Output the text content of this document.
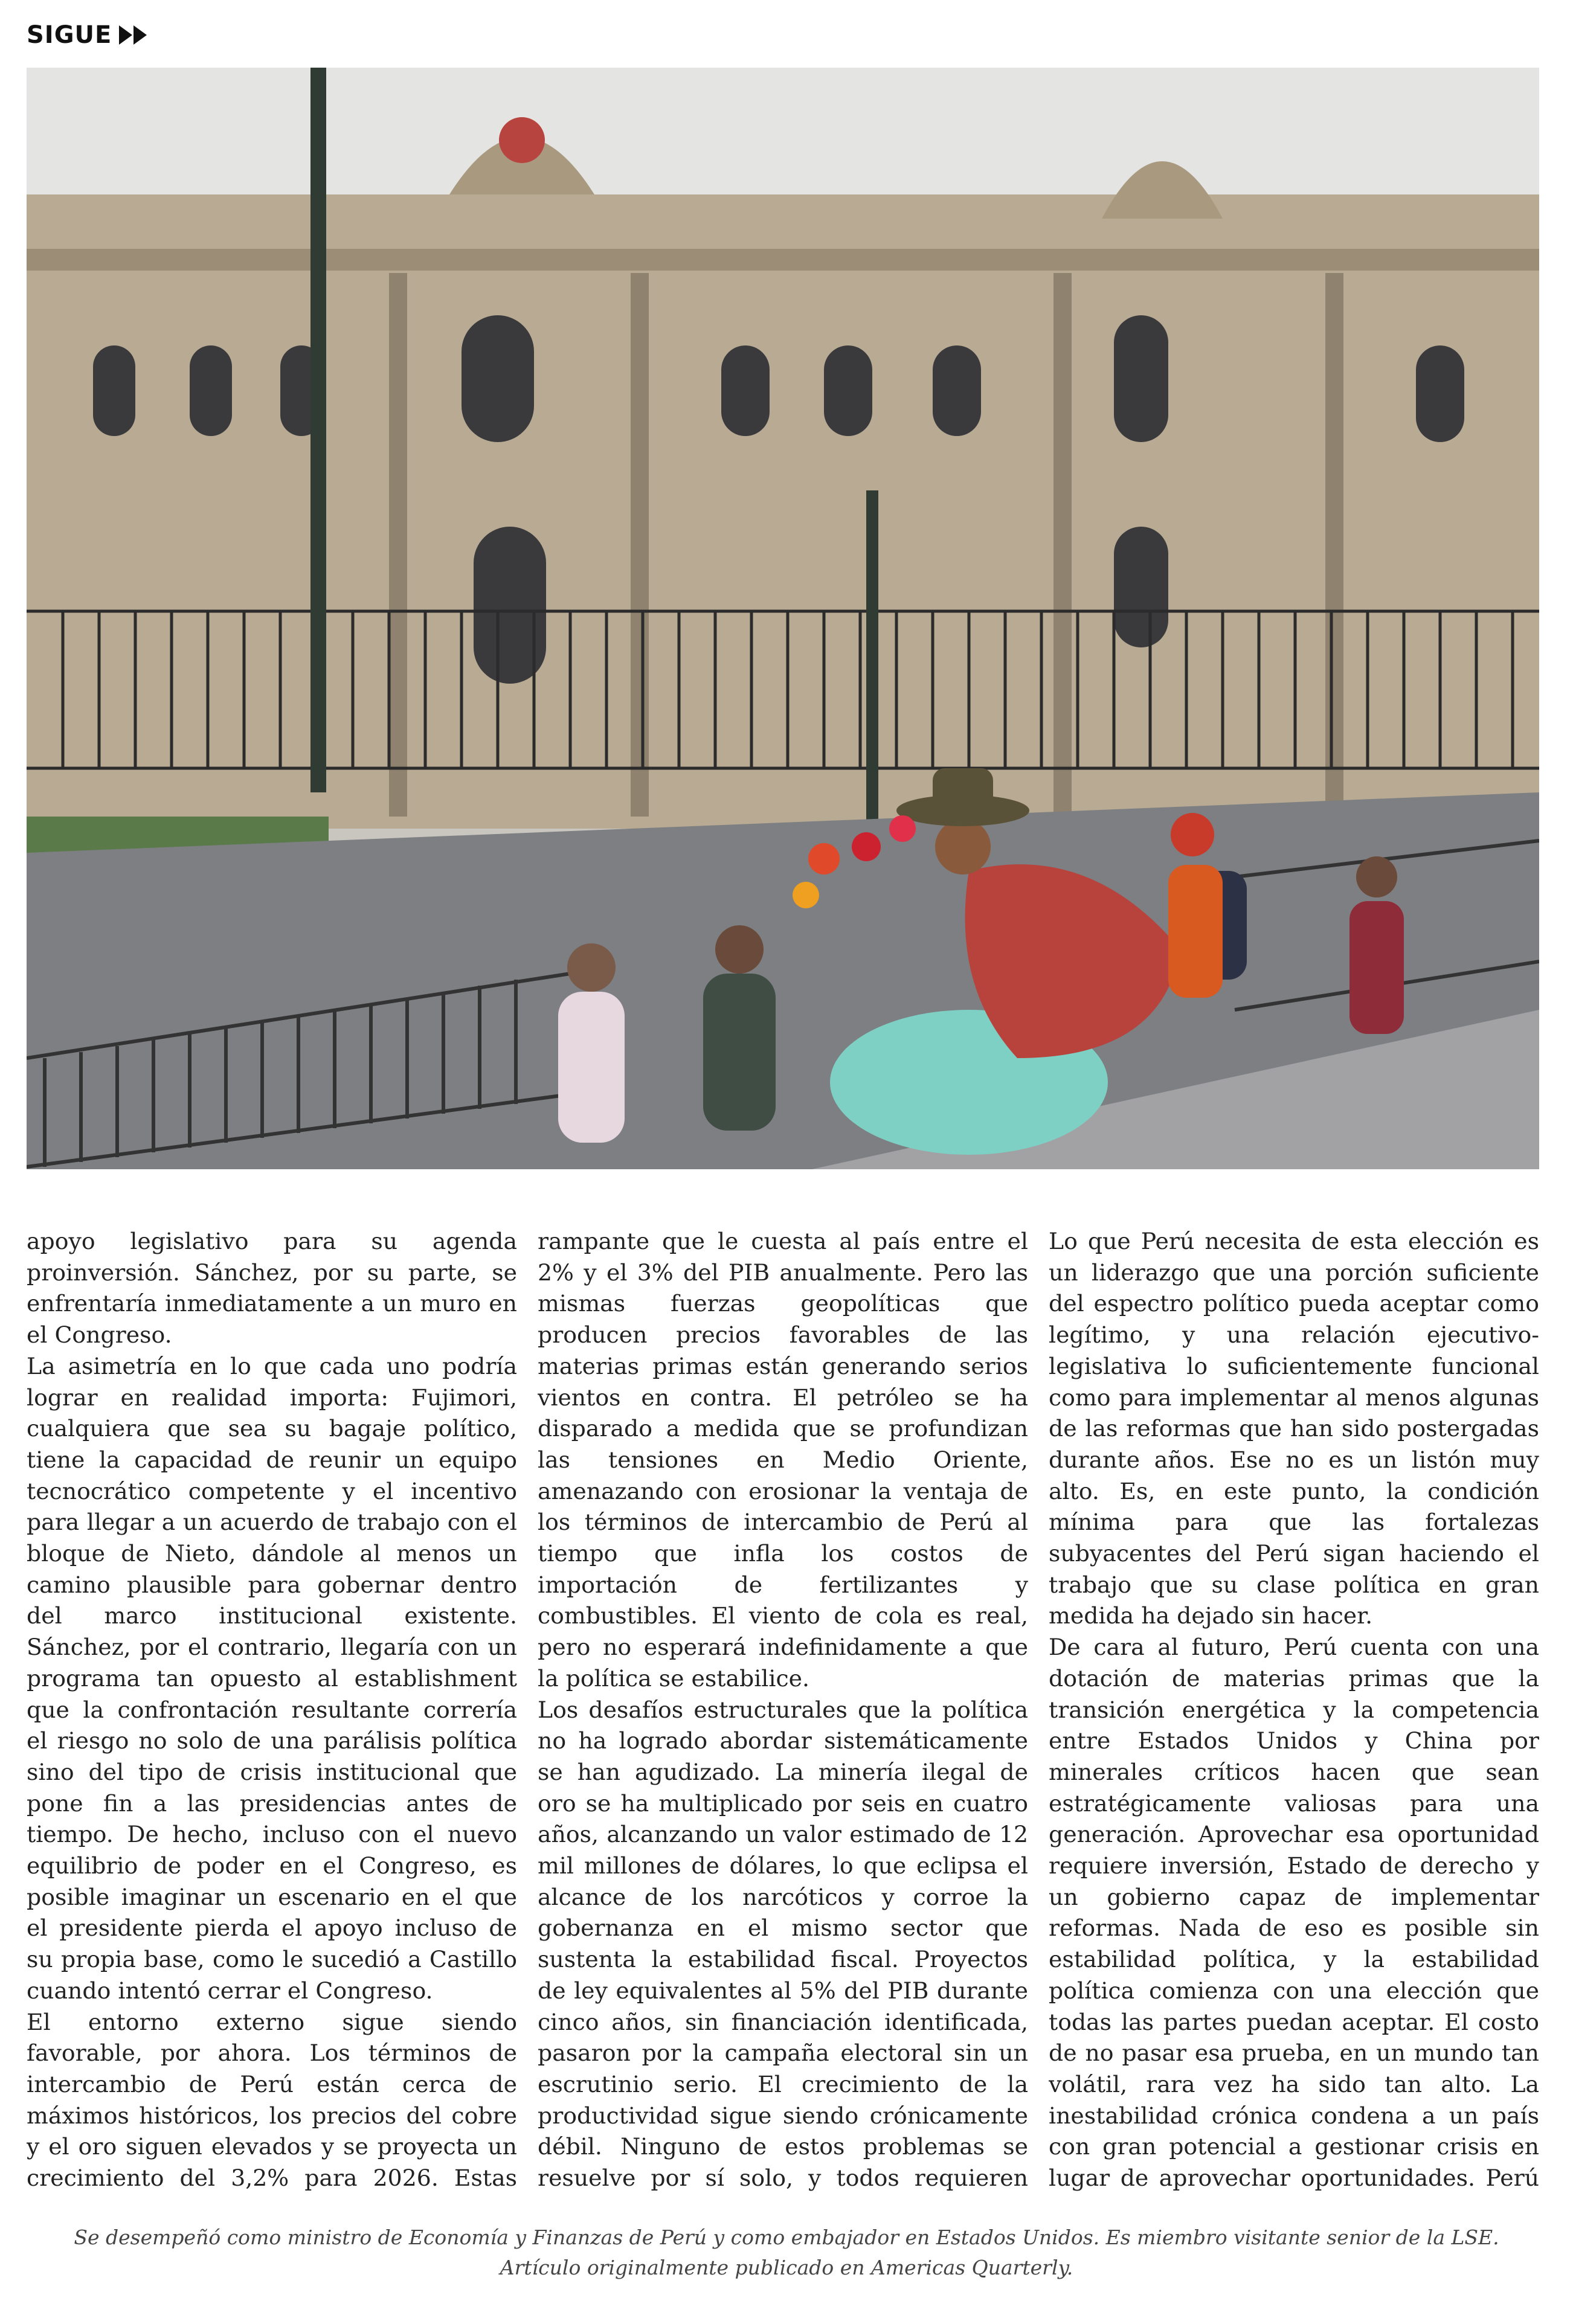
SIGUE

apoyo legislativo para su agenda proinversión. Sánchez, por su parte, se enfrentaría inmediatamente a un muro en el Congreso.

La asimetría en lo que cada uno podría lograr en realidad importa: Fujimori, cualquiera que sea su bagaje político, tiene la capacidad de reunir un equipo tecnocrático competente y el incentivo para llegar a un acuerdo de trabajo con el bloque de Nieto, dándole al menos un camino plausible para gobernar dentro del marco institucional existente. Sánchez, por el contrario, llegaría con un programa tan opuesto al establishment que la confrontación resultante correría el riesgo no solo de una parálisis política sino del tipo de crisis institucional que pone fin a las presidencias antes de tiempo. De hecho, incluso con el nuevo equilibrio de poder en el Congreso, es posible imaginar un escenario en el que el presidente pierda el apoyo incluso de su propia base, como le sucedió a Castillo cuando intentó cerrar el Congreso.

El entorno externo sigue siendo favorable, por ahora. Los términos de intercambio de Perú están cerca de máximos históricos, los precios del cobre y el oro siguen elevados y se proyecta un crecimiento del 3,2% para 2026. Estas

rampante que le cuesta al país entre el 2% y el 3% del PIB anualmente. Pero las mismas fuerzas geopolíticas que producen precios favorables de las materias primas están generando serios vientos en contra. El petróleo se ha disparado a medida que se profundizan las tensiones en Medio Oriente, amenazando con erosionar la ventaja de los términos de intercambio de Perú al tiempo que infla los costos de importación de fertilizantes y combustibles. El viento de cola es real, pero no esperará indefinidamente a que la política se estabilice.

Los desafíos estructurales que la política no ha logrado abordar sistemáticamente se han agudizado. La minería ilegal de oro se ha multiplicado por seis en cuatro años, alcanzando un valor estimado de 12 mil millones de dólares, lo que eclipsa el alcance de los narcóticos y corroe la gobernanza en el mismo sector que sustenta la estabilidad fiscal. Proyectos de ley equivalentes al 5% del PIB durante cinco años, sin financiación identificada, pasaron por la campaña electoral sin un escrutinio serio. El crecimiento de la productividad sigue siendo crónicamente débil. Ninguno de estos problemas se resuelve por sí solo, y todos requieren

Lo que Perú necesita de esta elección es un liderazgo que una porción suficiente del espectro político pueda aceptar como legítimo, y una relación ejecutivo-legislativa lo suficientemente funcional como para implementar al menos algunas de las reformas que han sido postergadas durante años. Ese no es un listón muy alto. Es, en este punto, la condición mínima para que las fortalezas subyacentes del Perú sigan haciendo el trabajo que su clase política en gran medida ha dejado sin hacer.

De cara al futuro, Perú cuenta con una dotación de materias primas que la transición energética y la competencia entre Estados Unidos y China por minerales críticos hacen que sean estratégicamente valiosas para una generación. Aprovechar esa oportunidad requiere inversión, Estado de derecho y un gobierno capaz de implementar reformas. Nada de eso es posible sin estabilidad política, y la estabilidad política comienza con una elección que todas las partes puedan aceptar. El costo de no pasar esa prueba, en un mundo tan volátil, rara vez ha sido tan alto. La inestabilidad crónica condena a un país con gran potencial a gestionar crisis en lugar de aprovechar oportunidades. Perú

Se desempeñó como ministro de Economía y Finanzas de Perú y como embajador en Estados Unidos. Es miembro visitante senior de la LSE. Artículo originalmente publicado en Americas Quarterly.
